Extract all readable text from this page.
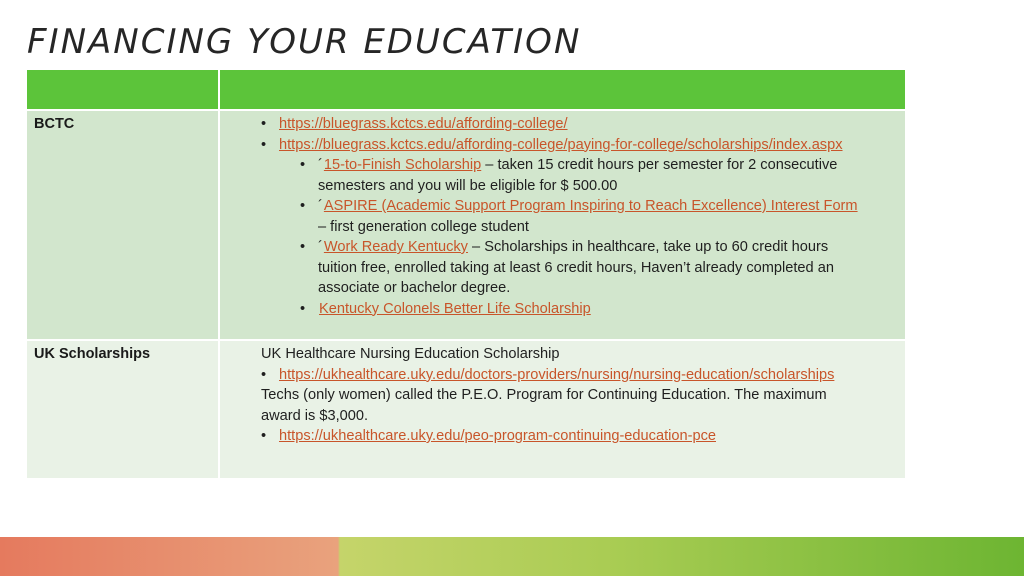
FINANCING YOUR EDUCATION
BCTC
•	https://bluegrass.kctcs.edu/affording-college/
• https://bluegrass.kctcs.edu/affording-college/paying-for-college/scholarships/index.aspx
• ´15-to-Finish Scholarship – taken 15 credit hours per semester for 2 consecutive
semesters and you will be eligible for $ 500.00
• ´ASPIRE (Academic Support Program Inspiring to Reach Excellence) Interest Form
– first generation college student
• ´Work Ready Kentucky – Scholarships in healthcare, take up to 60 credit hours
tuition free, enrolled taking at least 6 credit hours, Haven’t already completed an
associate or bachelor degree.
• Kentucky Colonels Better Life Scholarship
UK Scholarships	UK Healthcare Nursing Education Scholarship
• https://ukhealthcare.uky.edu/doctors-providers/nursing/nursing-education/scholarships
Techs (only women) called the P.E.O. Program for Continuing Education. The maximum
award is $3,000.
• https://ukhealthcare.uky.edu/peo-program-continuing-education-pce
